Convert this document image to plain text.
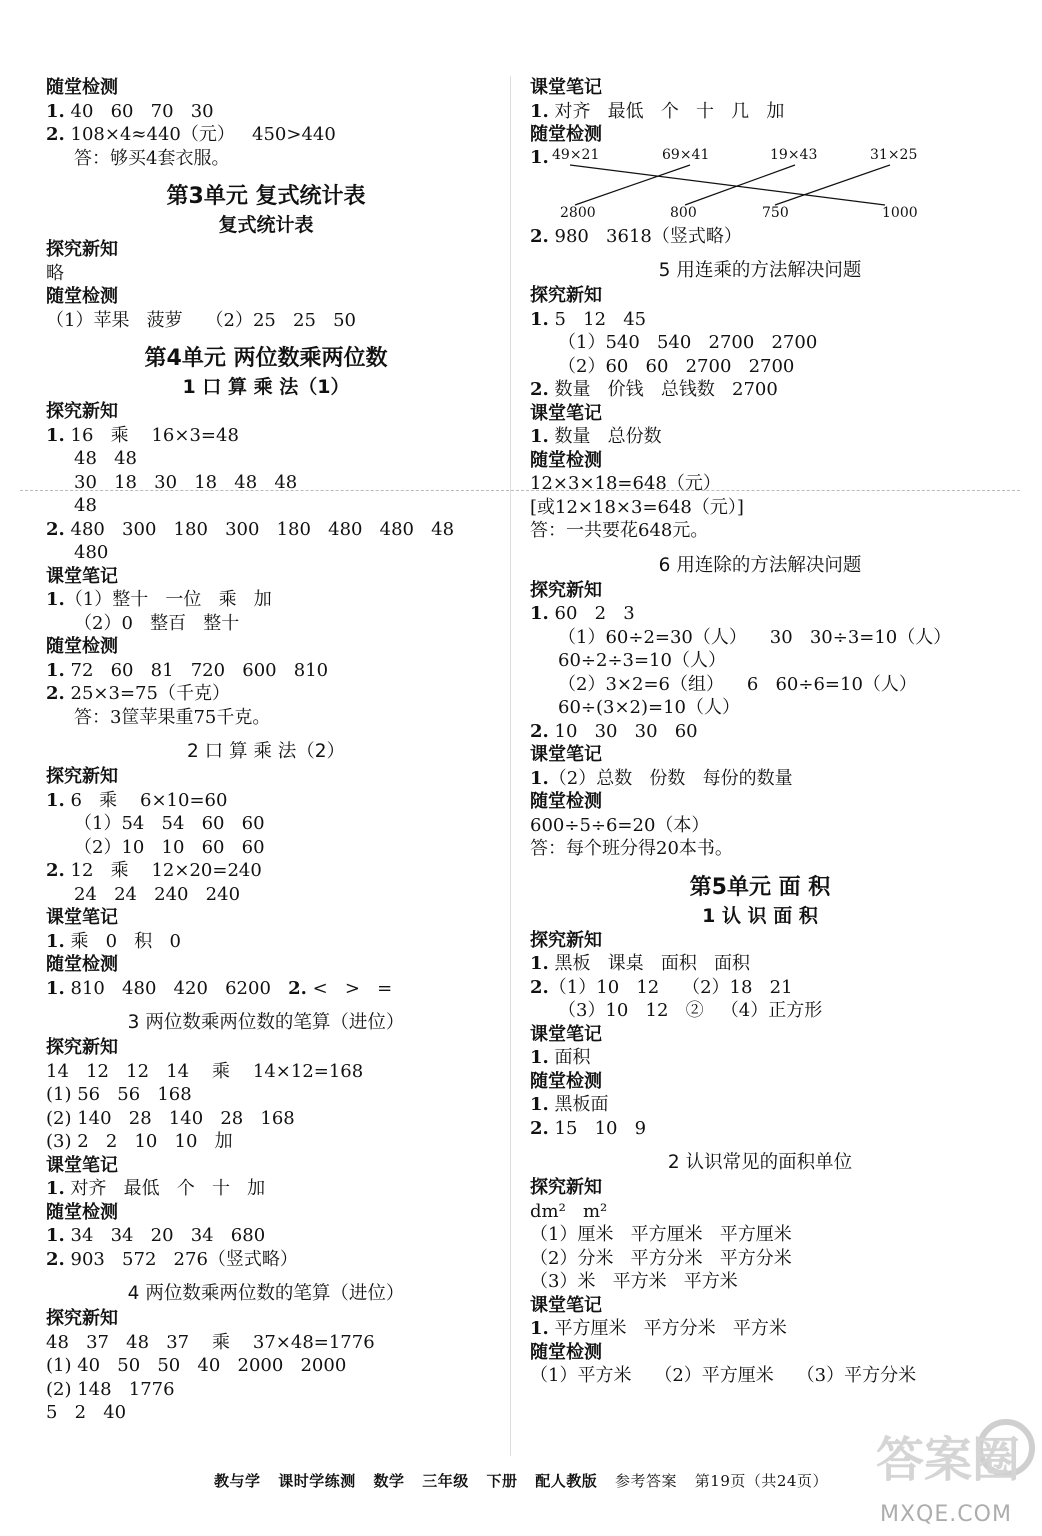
随堂检测
1. 40   60   70   30
2. 108×4≈440（元）   450>440
答：够买4套衣服。
第3单元 复式统计表
复式统计表
探究新知
略
随堂检测
（1）苹果   菠萝    （2）25   25   50
第4单元 两位数乘两位数
1 口 算 乘 法（1）
探究新知
1. 16   乘    16×3=48
48   48
30   18   30   18   48   48
48
2. 480   300   180   300   180   480   480   48
480
课堂笔记
1.（1）整十   一位   乘   加
（2）0   整百   整十
随堂检测
1. 72   60   81   720   600   810
2. 25×3=75（千克）
答：3筐苹果重75千克。
2 口 算 乘 法（2）
探究新知
1. 6   乘    6×10=60
（1）54   54   60   60
（2）10   10   60   60
2. 12   乘    12×20=240
24   24   240   240
课堂笔记
1. 乘   0   积   0
随堂检测
1. 810   480   420   6200   2. <   >   =
3 两位数乘两位数的笔算（进位）
探究新知
14   12   12   14    乘    14×12=168
(1) 56   56   168
(2) 140   28   140   28   168
(3) 2   2   10   10   加
课堂笔记
1. 对齐   最低   个   十   加
随堂检测
1. 34   34   20   34   680
2. 903   572   276（竖式略）
4 两位数乘两位数的笔算（进位）
探究新知
48   37   48   37    乘    37×48=1776
(1) 40   50   50   40   2000   2000
(2) 148   1776
5   2   40
课堂笔记
1. 对齐   最低   个   十   几   加
随堂检测
1. 49×21	69×41	19×43	31×25
2800	800	750	1000
2. 980   3618（竖式略）
5 用连乘的方法解决问题
探究新知
1. 5   12   45
（1）540   540   2700   2700
（2）60   60   2700   2700
2. 数量   价钱   总钱数   2700
课堂笔记
1. 数量   总份数
随堂检测
12×3×18=648（元）
[或12×18×3=648（元）]
答：一共要花648元。
6 用连除的方法解决问题
探究新知
1. 60   2   3
（1）60÷2=30（人）    30   30÷3=10（人）
60÷2÷3=10（人）
（2）3×2=6（组）    6   60÷6=10（人）
60÷(3×2)=10（人）
2. 10   30   30   60
课堂笔记
1.（2）总数   份数   每份的数量
随堂检测
600÷5÷6=20（本）
答：每个班分得20本书。
第5单元 面 积
1 认 识 面 积
探究新知
1. 黑板   课桌   面积   面积
2.（1）10   12    （2）18   21
（3）10   12   ②   （4）正方形
课堂笔记
1. 面积
随堂检测
1. 黑板面
2. 15   10   9
2 认识常见的面积单位
探究新知
dm²   m²
（1）厘米   平方厘米   平方厘米
（2）分米   平方分米   平方分米
（3）米   平方米   平方米
课堂笔记
1. 平方厘米   平方分米   平方米
随堂检测
（1）平方米    （2）平方厘米    （3）平方分米
教与学 课时学练测 数学 三年级 下册 配人教版 参考答案 第19页（共24页）	答案圈
MXQE.COM
